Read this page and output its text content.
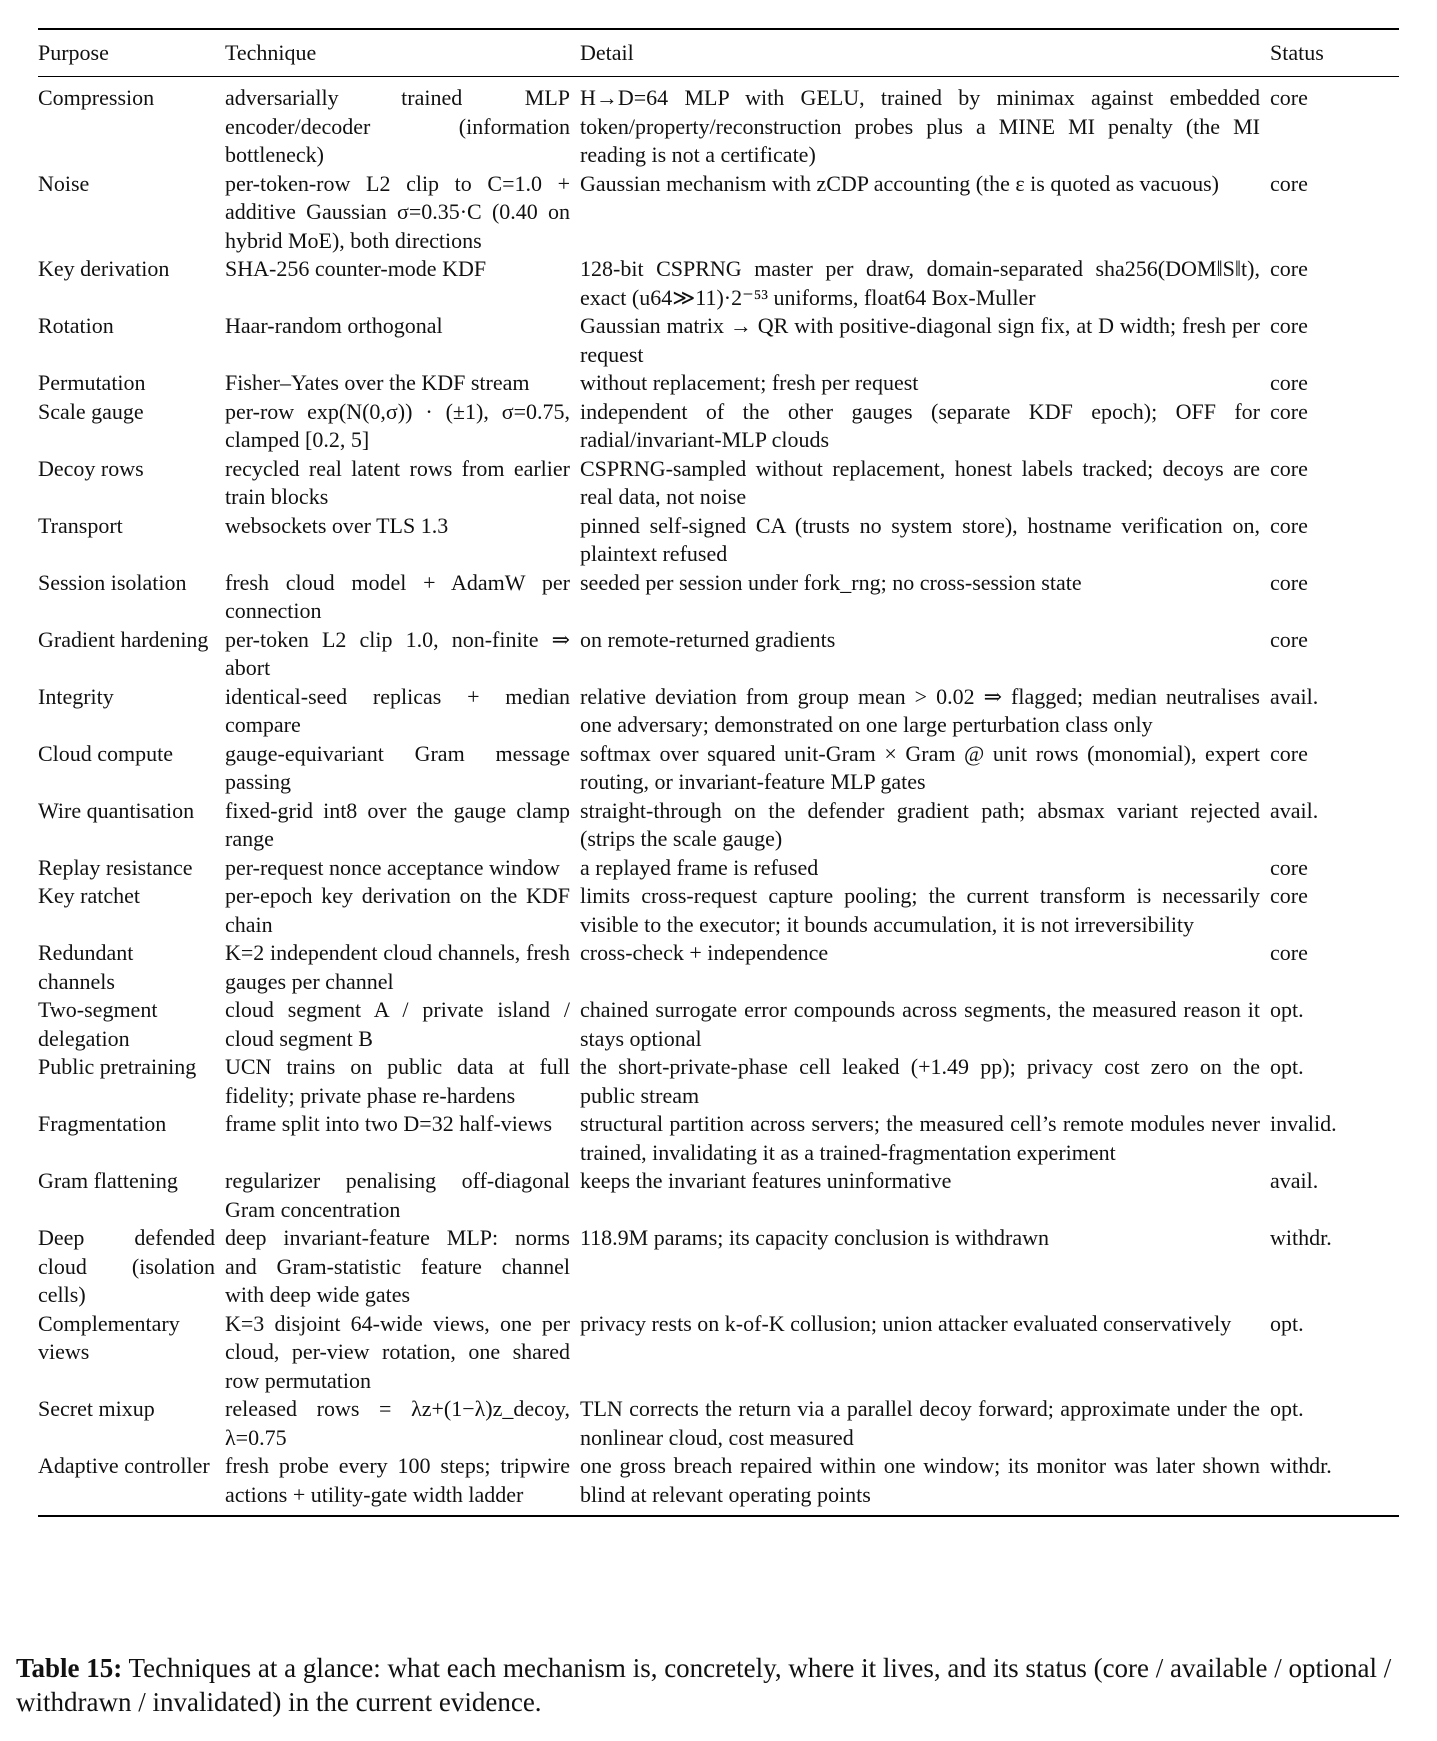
Purpose	Technique	Detail	Status

Compression	adversarially trained MLP encoder/decoder (information bottleneck)	H→D=64 MLP with GELU, trained by minimax against embedded token/property/reconstruction probes plus a MINE MI penalty (the MI reading is not a certificate)	core
Noise	per-token-row L2 clip to C=1.0 + additive Gaussian σ=0.35·C (0.40 on hybrid MoE), both directions	Gaussian mechanism with zCDP accounting (the ε is quoted as vacuous)	core
Key derivation	SHA-256 counter-mode KDF	128-bit CSPRNG master per draw, domain-separated sha256(DOM‖S‖t), exact (u64≫11)·2⁻⁵³ uniforms, float64 Box-Muller	core
Rotation	Haar-random orthogonal	Gaussian matrix → QR with positive-diagonal sign fix, at D width; fresh per request	core
Permutation	Fisher–Yates over the KDF stream	without replacement; fresh per request	core
Scale gauge	per-row exp(N(0,σ)) · (±1), σ=0.75, clamped [0.2, 5]	independent of the other gauges (separate KDF epoch); OFF for radial/invariant-MLP clouds	core
Decoy rows	recycled real latent rows from earlier train blocks	CSPRNG-sampled without replacement, honest labels tracked; decoys are real data, not noise	core
Transport	websockets over TLS 1.3	pinned self-signed CA (trusts no system store), hostname verification on, plaintext refused	core
Session isolation	fresh cloud model + AdamW per connection	seeded per session under fork_rng; no cross-session state	core
Gradient hardening	per-token L2 clip 1.0, non-finite ⇒ abort	on remote-returned gradients	core
Integrity	identical-seed replicas + median compare	relative deviation from group mean > 0.02 ⇒ flagged; median neutralises one adversary; demonstrated on one large perturbation class only	avail.
Cloud compute	gauge-equivariant Gram message passing	softmax over squared unit-Gram × Gram @ unit rows (monomial), expert routing, or invariant-feature MLP gates	core
Wire quantisation	fixed-grid int8 over the gauge clamp range	straight-through on the defender gradient path; absmax variant rejected (strips the scale gauge)	avail.
Replay resistance	per-request nonce acceptance window	a replayed frame is refused	core
Key ratchet	per-epoch key derivation on the KDF chain	limits cross-request capture pooling; the current transform is necessarily visible to the executor; it bounds accumulation, it is not irreversibility	core
Redundant channels	K=2 independent cloud channels, fresh gauges per channel	cross-check + independence	core
Two-segment delegation	cloud segment A / private island / cloud segment B	chained surrogate error compounds across segments, the measured reason it stays optional	opt.
Public pretraining	UCN trains on public data at full fidelity; private phase re-hardens	the short-private-phase cell leaked (+1.49 pp); privacy cost zero on the public stream	opt.
Fragmentation	frame split into two D=32 half-views	structural partition across servers; the measured cell’s remote modules never trained, invalidating it as a trained-fragmentation experiment	invalid.
Gram flattening	regularizer penalising off-diagonal Gram concentration	keeps the invariant features uninformative	avail.
Deep defended cloud (isolation cells)	deep invariant-feature MLP: norms and Gram-statistic feature channel with deep wide gates	118.9M params; its capacity conclusion is withdrawn	withdr.
Complementary views	K=3 disjoint 64-wide views, one per cloud, per-view rotation, one shared row permutation	privacy rests on k-of-K collusion; union attacker evaluated conservatively	opt.
Secret mixup	released rows = λz+(1−λ)z_decoy, λ=0.75	TLN corrects the return via a parallel decoy forward; approximate under the nonlinear cloud, cost measured	opt.
Adaptive controller	fresh probe every 100 steps; tripwire actions + utility-gate width ladder	one gross breach repaired within one window; its monitor was later shown blind at relevant operating points	withdr.
Table 15: Techniques at a glance: what each mechanism is, concretely, where it lives, and its status (core / available / optional / withdrawn / invalidated) in the current evidence.
